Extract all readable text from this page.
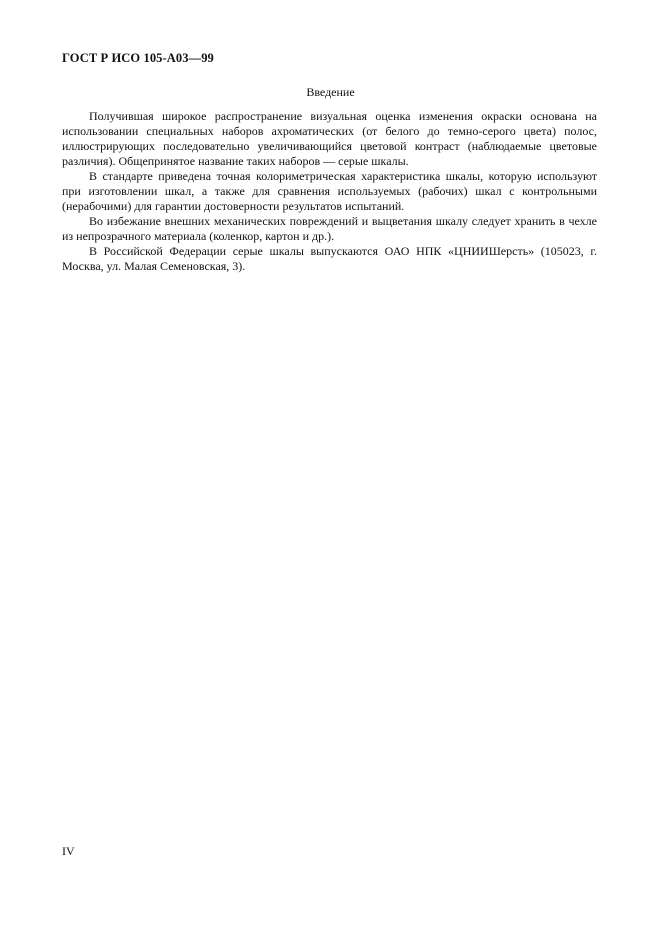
ГОСТ Р ИСО 105-А03—99
Введение

Получившая широкое распространение визуальная оценка изменения окраски основана на использовании специальных наборов ахроматических (от белого до темно-серого цвета) полос, иллюстрирующих последовательно увеличивающийся цветовой контраст (наблюдаемые цветовые различия). Общепринятое название таких наборов — серые шкалы.

В стандарте приведена точная колориметрическая характеристика шкалы, которую используют при изготовлении шкал, а также для сравнения используемых (рабочих) шкал с контрольными (нерабочими) для гарантии достоверности результатов испытаний.

Во избежание внешних механических повреждений и выцветания шкалу следует хранить в чехле из непрозрачного материала (коленкор, картон и др.).

В Российской Федерации серые шкалы выпускаются ОАО НПК «ЦНИИШерсть» (105023, г. Москва, ул. Малая Семеновская, 3).

IV
